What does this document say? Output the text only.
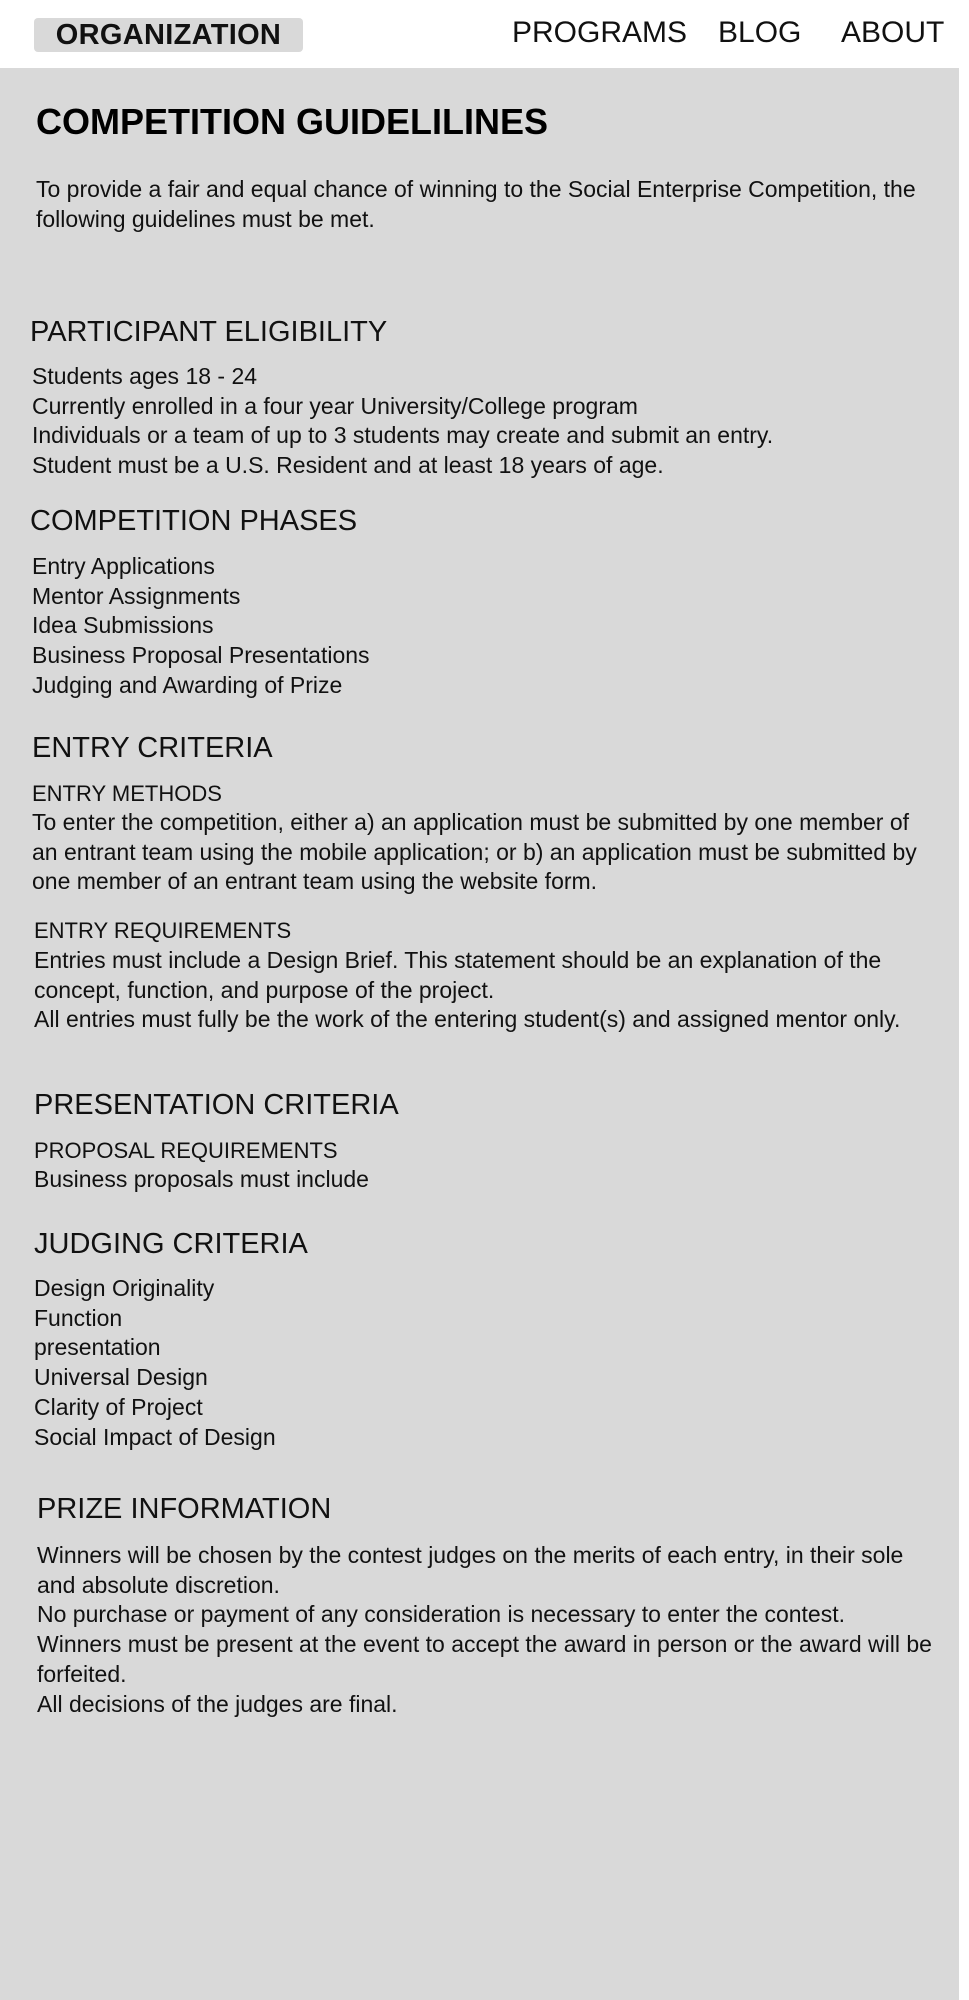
ORGANIZATION	PROGRAMS BLOG ABOUT
COMPETITION GUIDELILINES

To provide a fair and equal chance of winning to the Social Enterprise Competition, the following guidelines must be met.

PARTICIPANT ELIGIBILITY
Students ages 18 - 24
Currently enrolled in a four year University/College program
Individuals or a team of up to 3 students may create and submit an entry.
Student must be a U.S. Resident and at least 18 years of age.
COMPETITION PHASES
Entry Applications
Mentor Assignments
Idea Submissions
Business Proposal Presentations
Judging and Awarding of Prize
ENTRY CRITERIA
ENTRY METHODS

To enter the competition, either a) an application must be submitted by one member of an entrant team using the mobile application; or b) an application must be submitted by one member of an entrant team using the website form.

ENTRY REQUIREMENTS
Entries must include a Design Brief. This statement should be an explanation of the concept, function, and purpose of the project.
All entries must fully be the work of the entering student(s) and assigned mentor only.
PRESENTATION CRITERIA
PROPOSAL REQUIREMENTS

Business proposals must include

JUDGING CRITERIA
Design Originality
Function
presentation
Universal Design
Clarity of Project
Social Impact of Design
PRIZE INFORMATION
Winners will be chosen by the contest judges on the merits of each entry, in their sole and absolute discretion.
No purchase or payment of any consideration is necessary to enter the contest.
Winners must be present at the event to accept the award in person or the award will be forfeited.
All decisions of the judges are final.
